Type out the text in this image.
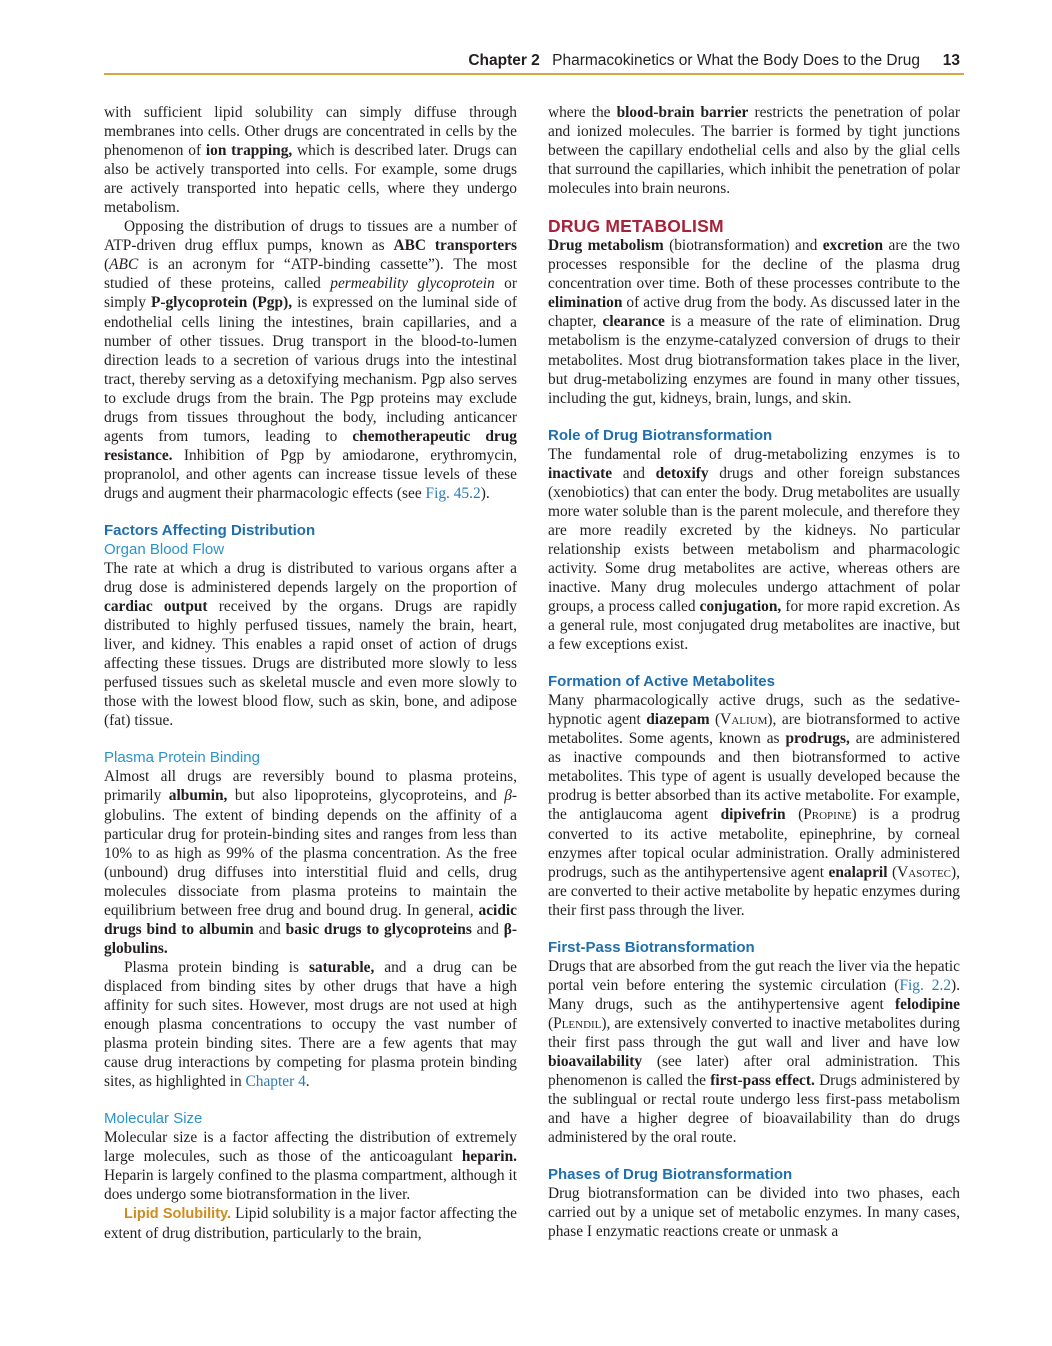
Chapter 2 Pharmacokinetics or What the Body Does to the Drug 13

with sufficient lipid solubility can simply diffuse through membranes into cells. Other drugs are concentrated in cells by the phenomenon of ion trapping, which is described later. Drugs can also be actively transported into cells. For example, some drugs are actively transported into hepatic cells, where they undergo metabolism.

Opposing the distribution of drugs to tissues are a number of ATP-driven drug efflux pumps, known as ABC transporters (ABC is an acronym for “ATP-binding cassette”). The most studied of these proteins, called permeability glycoprotein or simply P-glycoprotein (Pgp), is expressed on the luminal side of endothelial cells lining the intestines, brain capillaries, and a number of other tissues. Drug transport in the blood-to-lumen direction leads to a secretion of various drugs into the intestinal tract, thereby serving as a detoxifying mechanism. Pgp also serves to exclude drugs from the brain. The Pgp proteins may exclude drugs from tissues throughout the body, including anticancer agents from tumors, leading to chemotherapeutic drug resistance. Inhibition of Pgp by amiodarone, erythromycin, propranolol, and other agents can increase tissue levels of these drugs and augment their pharmacologic effects (see Fig. 45.2).

Factors Affecting Distribution

Organ Blood Flow

The rate at which a drug is distributed to various organs after a drug dose is administered depends largely on the proportion of cardiac output received by the organs. Drugs are rapidly distributed to highly perfused tissues, namely the brain, heart, liver, and kidney. This enables a rapid onset of action of drugs affecting these tissues. Drugs are distributed more slowly to less perfused tissues such as skeletal muscle and even more slowly to those with the lowest blood flow, such as skin, bone, and adipose (fat) tissue.

Plasma Protein Binding

Almost all drugs are reversibly bound to plasma proteins, primarily albumin, but also lipoproteins, glycoproteins, and β-globulins. The extent of binding depends on the affinity of a particular drug for protein-binding sites and ranges from less than 10% to as high as 99% of the plasma concentration. As the free (unbound) drug diffuses into interstitial fluid and cells, drug molecules dissociate from plasma proteins to maintain the equilibrium between free drug and bound drug. In general, acidic drugs bind to albumin and basic drugs to glycoproteins and β-globulins.

Plasma protein binding is saturable, and a drug can be displaced from binding sites by other drugs that have a high affinity for such sites. However, most drugs are not used at high enough plasma concentrations to occupy the vast number of plasma protein binding sites. There are a few agents that may cause drug interactions by competing for plasma protein binding sites, as highlighted in Chapter 4.

Molecular Size

Molecular size is a factor affecting the distribution of extremely large molecules, such as those of the anticoagulant heparin. Heparin is largely confined to the plasma compartment, although it does undergo some biotransformation in the liver.

Lipid Solubility. Lipid solubility is a major factor affecting the extent of drug distribution, particularly to the brain,

where the blood-brain barrier restricts the penetration of polar and ionized molecules. The barrier is formed by tight junctions between the capillary endothelial cells and also by the glial cells that surround the capillaries, which inhibit the penetration of polar molecules into brain neurons.

DRUG METABOLISM

Drug metabolism (biotransformation) and excretion are the two processes responsible for the decline of the plasma drug concentration over time. Both of these processes contribute to the elimination of active drug from the body. As discussed later in the chapter, clearance is a measure of the rate of elimination. Drug metabolism is the enzyme-catalyzed conversion of drugs to their metabolites. Most drug biotransformation takes place in the liver, but drug-metabolizing enzymes are found in many other tissues, including the gut, kidneys, brain, lungs, and skin.

Role of Drug Biotransformation

The fundamental role of drug-metabolizing enzymes is to inactivate and detoxify drugs and other foreign substances (xenobiotics) that can enter the body. Drug metabolites are usually more water soluble than is the parent molecule, and therefore they are more readily excreted by the kidneys. No particular relationship exists between metabolism and pharmacologic activity. Some drug metabolites are active, whereas others are inactive. Many drug molecules undergo attachment of polar groups, a process called conjugation, for more rapid excretion. As a general rule, most conjugated drug metabolites are inactive, but a few exceptions exist.

Formation of Active Metabolites

Many pharmacologically active drugs, such as the sedative-hypnotic agent diazepam (Valium), are biotransformed to active metabolites. Some agents, known as prodrugs, are administered as inactive compounds and then biotransformed to active metabolites. This type of agent is usually developed because the prodrug is better absorbed than its active metabolite. For example, the antiglaucoma agent dipivefrin (Propine) is a prodrug converted to its active metabolite, epinephrine, by corneal enzymes after topical ocular administration. Orally administered prodrugs, such as the antihypertensive agent enalapril (Vasotec), are converted to their active metabolite by hepatic enzymes during their first pass through the liver.

First-Pass Biotransformation

Drugs that are absorbed from the gut reach the liver via the hepatic portal vein before entering the systemic circulation (Fig. 2.2). Many drugs, such as the antihypertensive agent felodipine (Plendil), are extensively converted to inactive metabolites during their first pass through the gut wall and liver and have low bioavailability (see later) after oral administration. This phenomenon is called the first-pass effect. Drugs administered by the sublingual or rectal route undergo less first-pass metabolism and have a higher degree of bioavailability than do drugs administered by the oral route.

Phases of Drug Biotransformation

Drug biotransformation can be divided into two phases, each carried out by a unique set of metabolic enzymes. In many cases, phase I enzymatic reactions create or unmask a
